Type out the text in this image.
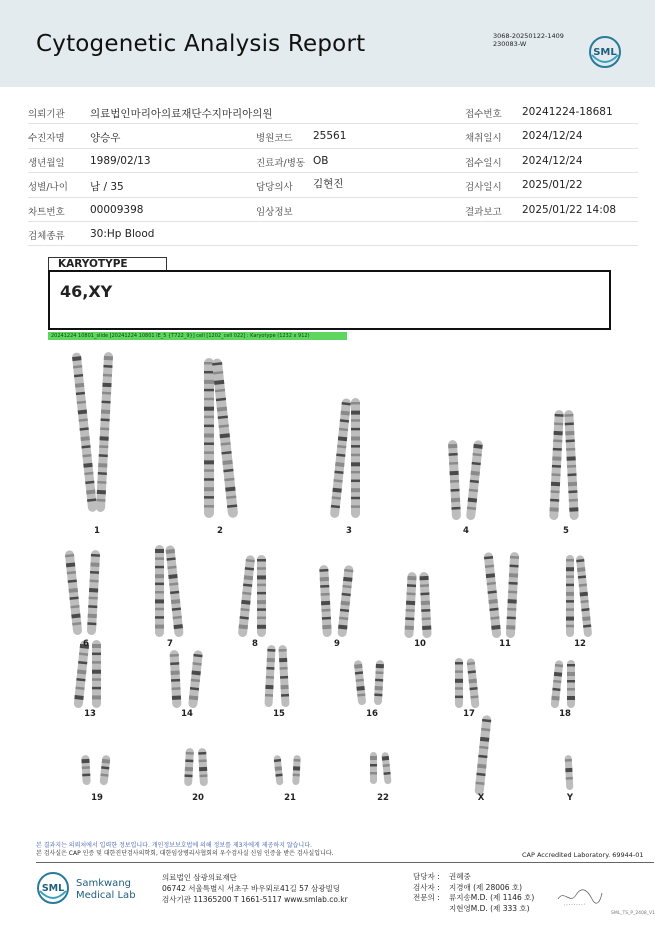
Cytogenetic Analysis Report	3068-20250122-1409
230083-W
SML
의뢰기관 의료법인마리아의료재단수지마리아의원	접수번호 20241224-18681
수진자명 양승우	병원코드 25561	채취일시 2024/12/24
생년월일 1989/02/13	진료과/병동 OB	접수일시 2024/12/24
성별/나이 남 / 35	담당의사 김현진	검사일시 2025/01/22
차트번호 00009398	임상정보	결과보고 2025/01/22 14:08
검체종류 30:Hp Blood
KARYOTYPE
46,XY
20241224 10801_slide [20241224 10801 IE_5 {T722_9}] cell [1202_cell 022] : Karyotype (1232 x 912)
1	2	3	4	5
6	7	8	9	10	11	12
13	14	15	16	17	18
19	20	21	22	X	Y
본 결과지는 의뢰처에서 입력한 정보입니다. 개인정보보호법에 의해 정보를 제3자에게 제공하지 않습니다.
본 검사실은 CAP 인증 및 대한진단검사의학회, 대한임상병리사협회의 우수검사실 신임 인증을 받은 검사실입니다.	CAP Accredited Laboratory. 69944-01
SML Samkwang
Medical Lab
의료법인 삼광의료재단
06742 서울특별시 서초구 바우뫼로41길 57 삼광빌딩
검사기관 11365200 T 1661-5117 www.smlab.co.kr
담당자 : 권혜중
검사자 : 지경애 (제 28006 호)
전문의 : 류지송M.D. (제 1146 호)
지현영M.D. (제 333 호)
SML_TS_P_2408_V1
